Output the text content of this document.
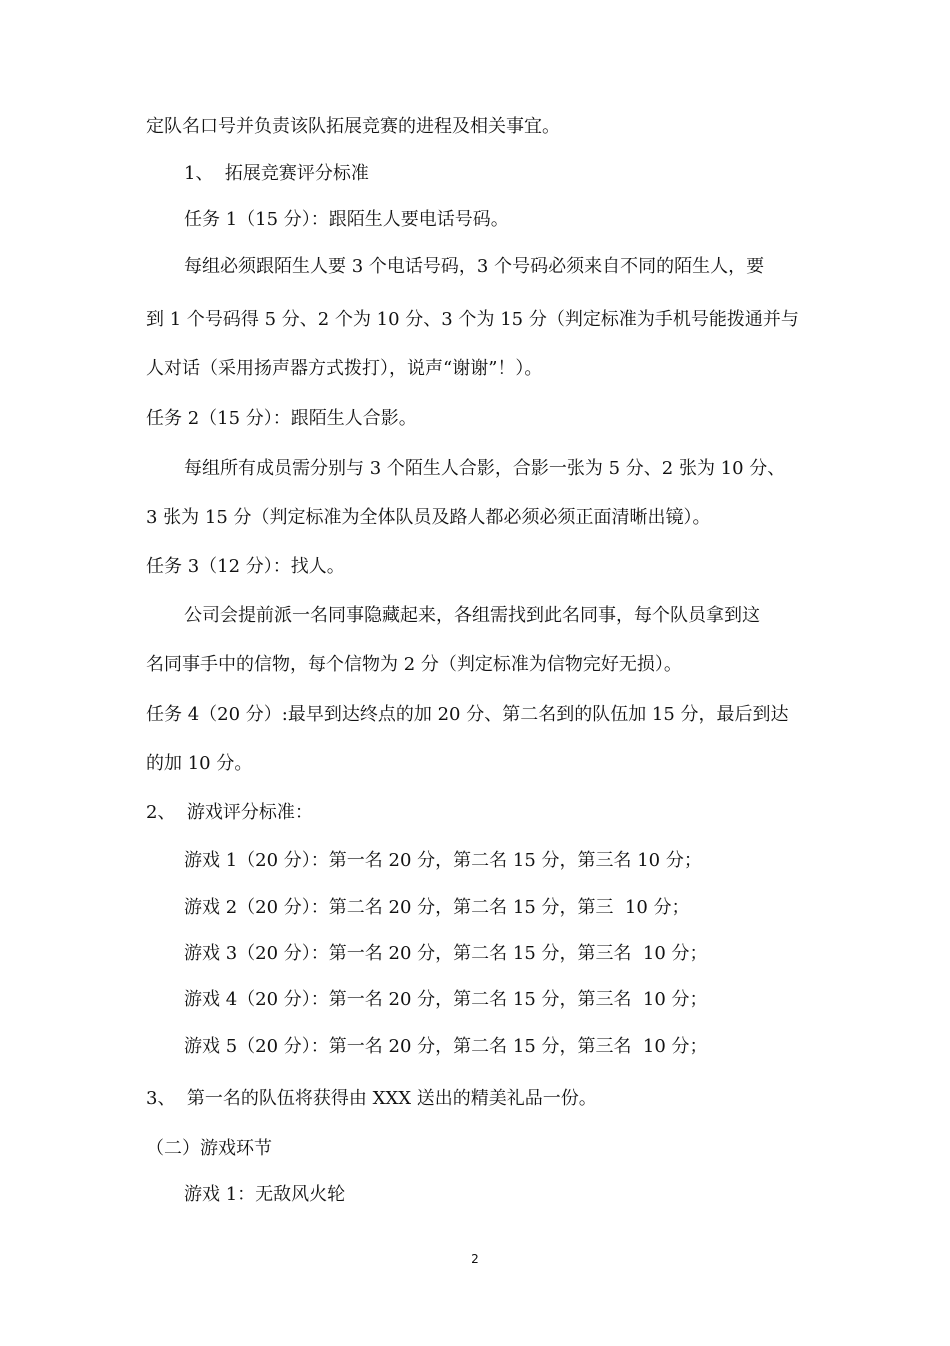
定队名口号并负责该队拓展竞赛的进程及相关事宜。
1、  拓展竞赛评分标准
任务 1（15 分）：跟陌生人要电话号码。
每组必须跟陌生人要 3 个电话号码，3 个号码必须来自不同的陌生人，要
到 1 个号码得 5 分、2 个为 10 分、3 个为 15 分（判定标准为手机号能拨通并与
人对话（采用扬声器方式拨打），说声“谢谢”！）。
任务 2（15 分）：跟陌生人合影。
每组所有成员需分别与 3 个陌生人合影，合影一张为 5 分、2 张为 10 分、
3 张为 15 分（判定标准为全体队员及路人都必须必须正面清晰出镜）。
任务 3（12 分）：找人。
公司会提前派一名同事隐藏起来，各组需找到此名同事，每个队员拿到这
名同事手中的信物，每个信物为 2 分（判定标准为信物完好无损）。
任务 4（20 分）:最早到达终点的加 20 分、第二名到的队伍加 15 分，最后到达
的加 10 分。
2、  游戏评分标准：
游戏 1（20 分）：第一名 20 分，第二名 15 分，第三名 10 分；
游戏 2（20 分）：第二名 20 分，第二名 15 分，第三  10 分；
游戏 3（20 分）：第一名 20 分，第二名 15 分，第三名  10 分；
游戏 4（20 分）：第一名 20 分，第二名 15 分，第三名  10 分；
游戏 5（20 分）：第一名 20 分，第二名 15 分，第三名  10 分；
3、  第一名的队伍将获得由 XXX 送出的精美礼品一份。
（二）游戏环节
游戏 1：无敌风火轮
2
